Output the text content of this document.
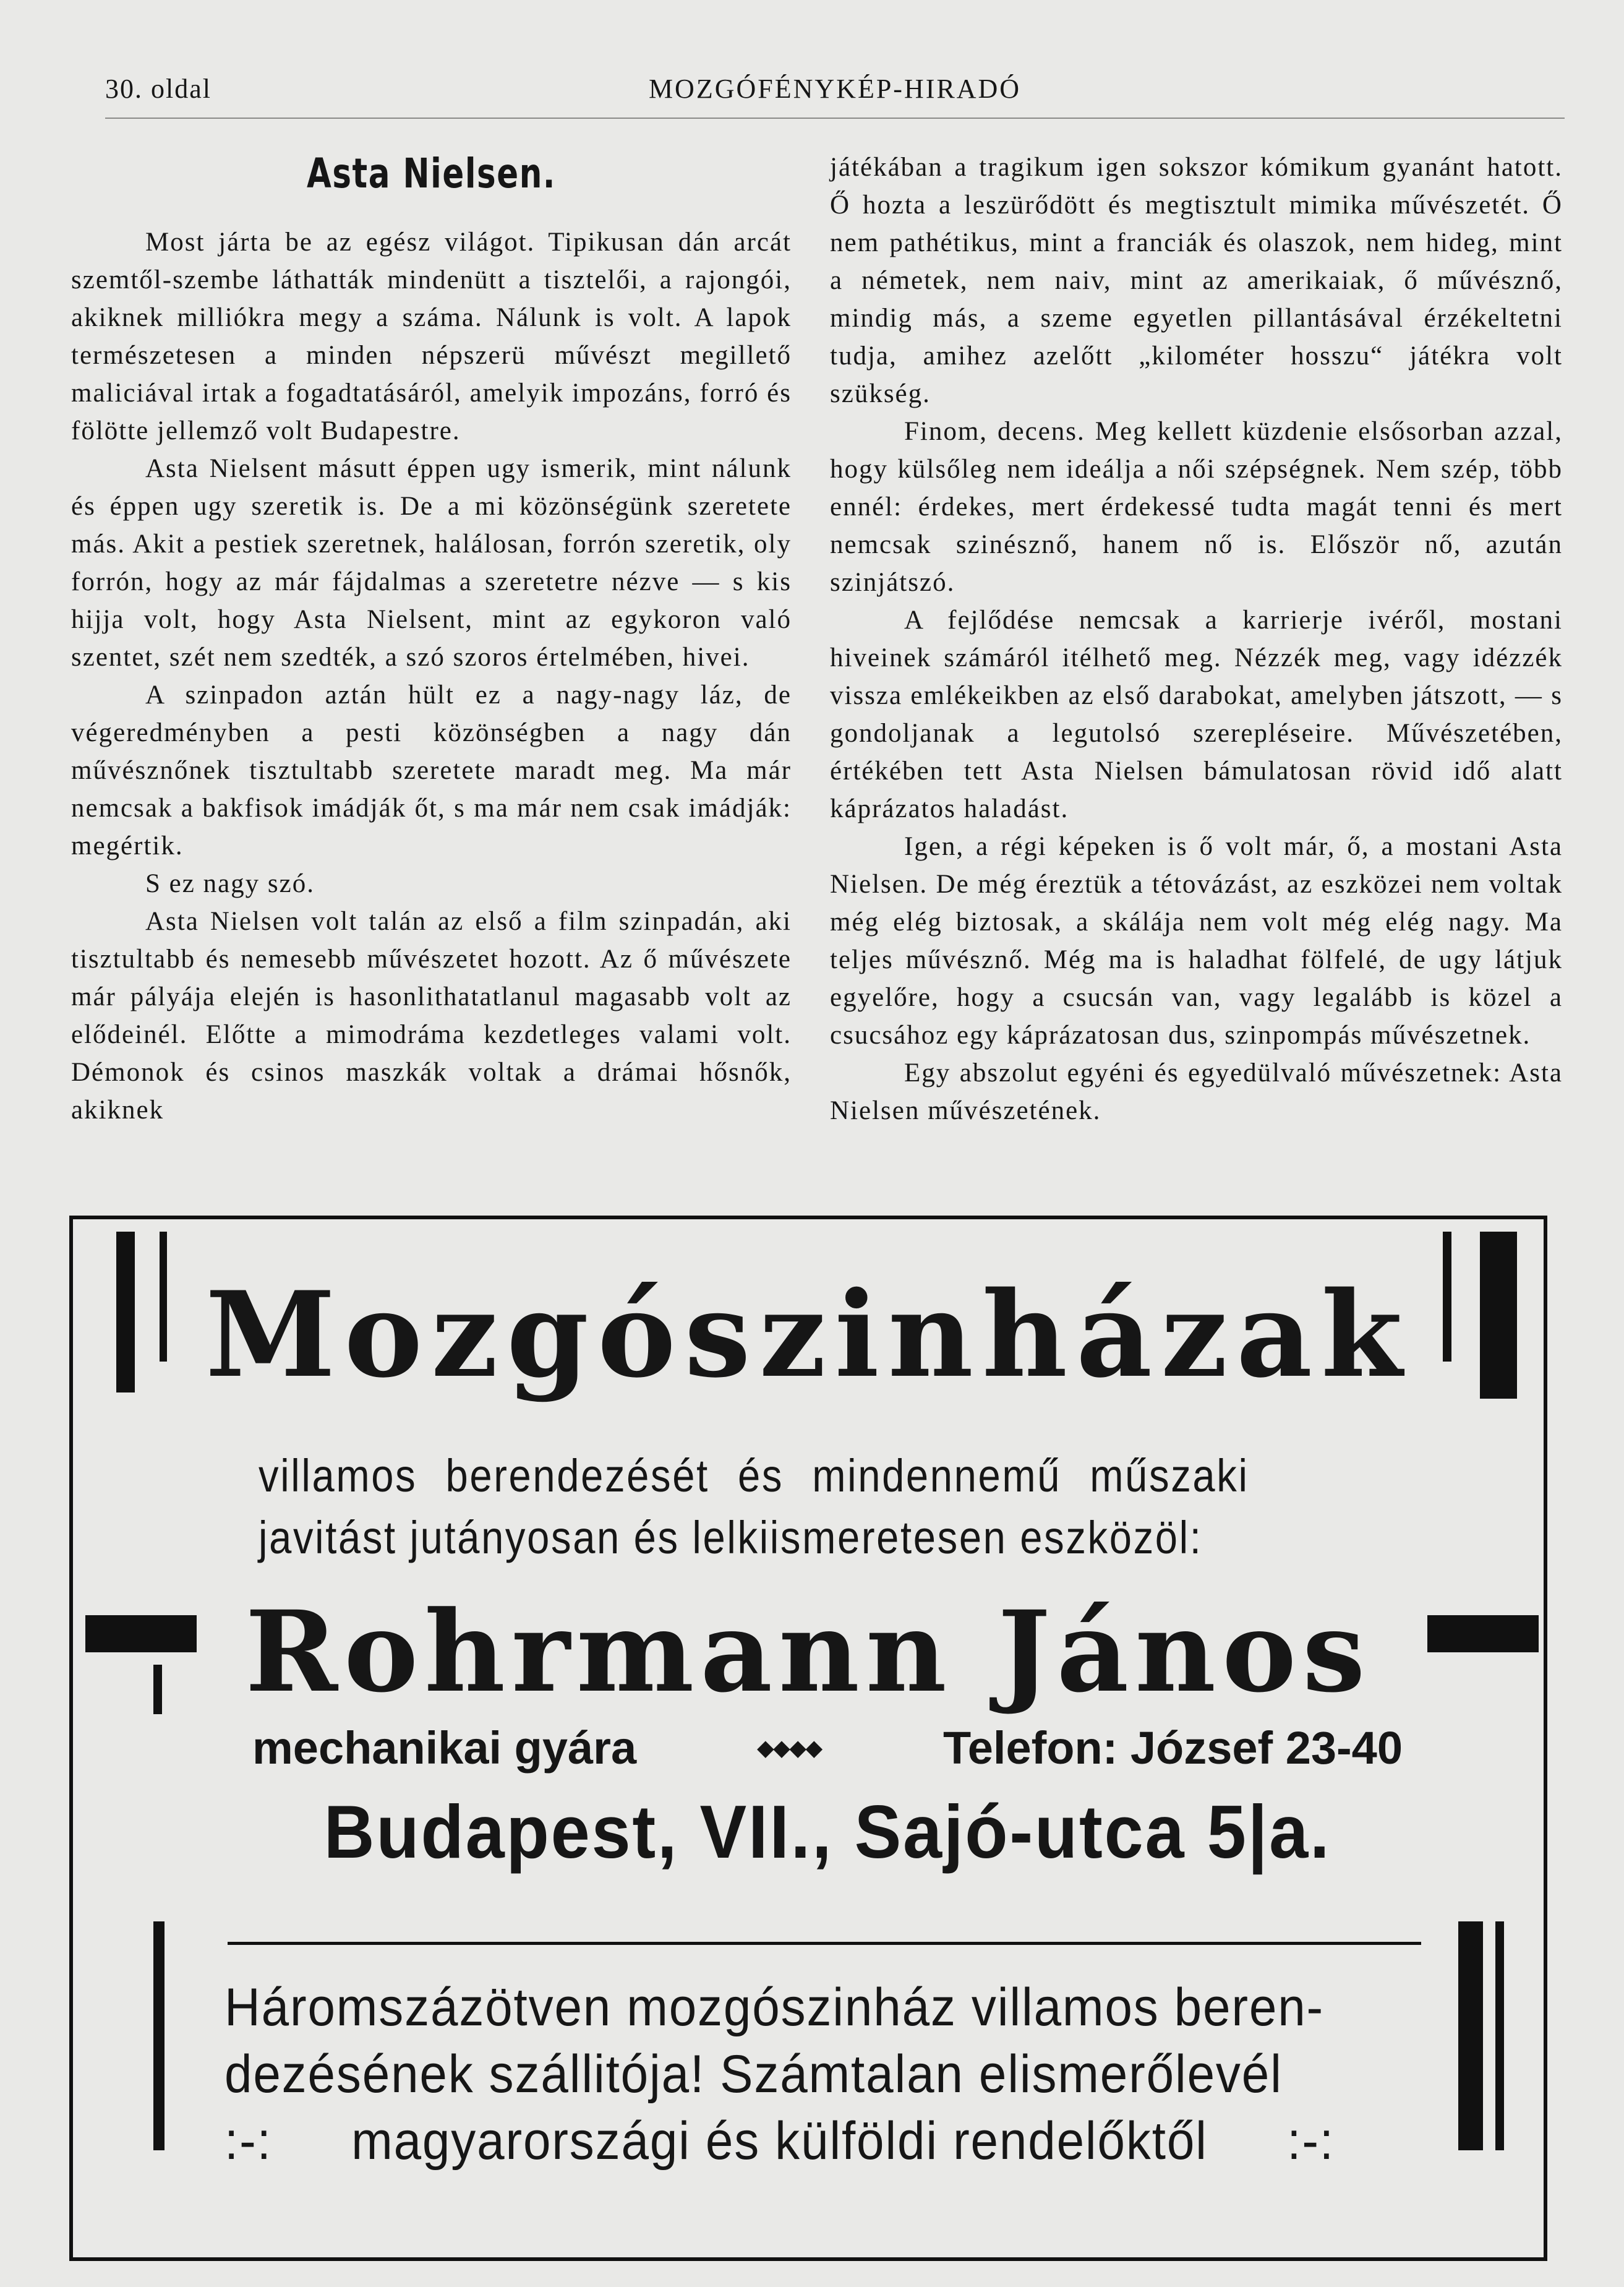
30. oldal	MOZGÓFÉNYKÉP-HIRADÓ
Asta Nielsen.

Most járta be az egész világot. Tipikusan dán arcát szemtől-szembe láthatták mindenütt a tisztelői, a rajongói, akiknek milliókra megy a száma. Nálunk is volt. A lapok természetesen a minden népszerü művészt megillető maliciával irtak a fogadtatásáról, amelyik impozáns, forró és fölötte jellemző volt Budapestre.

Asta Nielsent másutt éppen ugy ismerik, mint nálunk és éppen ugy szeretik is. De a mi közönségünk szeretete más. Akit a pestiek szeretnek, halálosan, forrón szeretik, oly forrón, hogy az már fájdalmas a szeretetre nézve — s kis hijja volt, hogy Asta Nielsent, mint az egykoron való szentet, szét nem szedték, a szó szoros értelmében, hivei.

A szinpadon aztán hült ez a nagy-nagy láz, de végeredményben a pesti közönségben a nagy dán művésznőnek tisztultabb szeretete maradt meg. Ma már nemcsak a bakfisok imádják őt, s ma már nem csak imádják: megértik.

S ez nagy szó.

Asta Nielsen volt talán az első a film szinpadán, aki tisztultabb és nemesebb művészetet hozott. Az ő művészete már pályája elején is hasonlithatatlanul magasabb volt az elődeinél. Előtte a mimodráma kezdetleges valami volt. Démonok és csinos maszkák voltak a drámai hősnők, akiknek

játékában a tragikum igen sokszor kómikum gyanánt hatott. Ő hozta a leszürődött és megtisztult mimika művészetét. Ő nem pathétikus, mint a franciák és olaszok, nem hideg, mint a németek, nem naiv, mint az amerikaiak, ő művésznő, mindig más, a szeme egyetlen pillantásával érzékeltetni tudja, amihez azelőtt „kilométer hosszu“ játékra volt szükség.

Finom, decens. Meg kellett küzdenie elsősorban azzal, hogy külsőleg nem ideálja a női szépségnek. Nem szép, több ennél: érdekes, mert érdekessé tudta magát tenni és mert nemcsak szinésznő, hanem nő is. Először nő, azután szinjátszó.

A fejlődése nemcsak a karrierje ivéről, mostani hiveinek számáról itélhető meg. Nézzék meg, vagy idézzék vissza emlékeikben az első darabokat, amelyben játszott, — s gondoljanak a legutolsó szerepléseire. Művészetében, értékében tett Asta Nielsen bámulatosan rövid idő alatt káprázatos haladást.

Igen, a régi képeken is ő volt már, ő, a mostani Asta Nielsen. De még éreztük a tétovázást, az eszközei nem voltak még elég biztosak, a skálája nem volt még elég nagy. Ma teljes művésznő. Még ma is haladhat fölfelé, de ugy látjuk egyelőre, hogy a csucsán van, vagy legalább is közel a csucsához egy káprázatosan dus, szinpompás művészetnek.

Egy abszolut egyéni és egyedülvaló művészetnek: Asta Nielsen művészetének.

Mozgószinházak
villamos berendezését és mindennemű műszaki javitást jutányosan és lelkiismeretesen eszközöl:
Rohrmann János
mechanikai gyára	◆◆◆◆	Telefon: József 23-40
Budapest, VII., Sajó-utca 5|a.
Háromszázötven mozgószinház villamos beren-
dezésének szállitója! Számtalan elismerőlevél
:-: magyarországi és külföldi rendelőktől :-:
